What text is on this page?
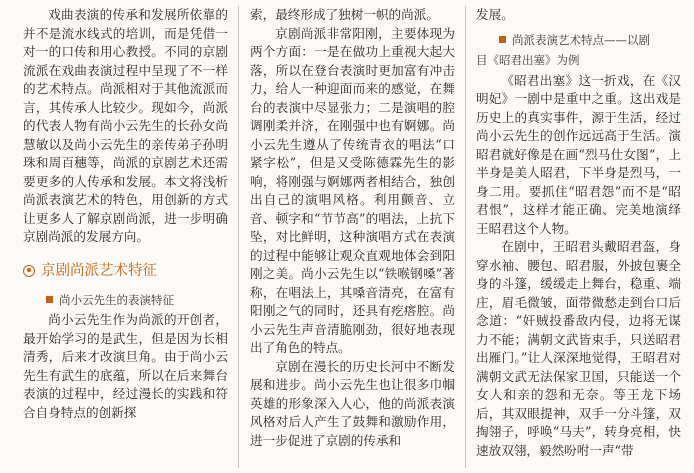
戏曲表演的传承和发展所依靠的并不是流水线式的培训，而是凭借一对一的口传和用心教授。不同的京剧流派在戏曲表演过程中呈现了不一样的艺术特点。尚派相对于其他流派而言，其传承人比较少。现如今，尚派的代表人物有尚小云先生的长孙女尚慧敏以及尚小云先生的亲传弟子孙明珠和周百穗等，尚派的京剧艺术还需要更多的人传承和发展。本文将浅析尚派表演艺术的特色，用创新的方式让更多人了解京剧尚派，进一步明确京剧尚派的发展方向。

京剧尚派艺术特征
尚小云先生的表演特征

尚小云先生作为尚派的开创者，最开始学习的是武生，但是因为长相清秀，后来才改演旦角。由于尚小云先生有武生的底蕴，所以在后来舞台表演的过程中，经过漫长的实践和符合自身特点的创新探

索，最终形成了独树一帜的尚派。

京剧尚派非常阳刚，主要体现为两个方面：一是在做功上重视大起大落，所以在登台表演时更加富有冲击力，给人一种迎面而来的感觉，在舞台的表演中尽显张力；二是演唱的腔调刚柔并济，在刚强中也有婀娜。尚小云先生遵从了传统青衣的唱法“口紧字松”，但是又受陈德霖先生的影响，将刚强与婀娜两者相结合，独创出自己的演唱风格。利用颤音、立音、顿字和“节节高”的唱法，上抗下坠，对比鲜明，这种演唱方式在表演的过程中能够让观众直观地体会到阳刚之美。尚小云先生以“铁喉钢嗓”著称，在唱法上，其嗓音清亮，在富有阳刚之气的同时，还具有疙瘩腔。尚小云先生声音清脆刚劲，很好地表现出了角色的特点。

京剧在漫长的历史长河中不断发展和进步。尚小云先生也让很多巾帼英雄的形象深入人心，他的尚派表演风格对后人产生了鼓舞和激励作用，进一步促进了京剧的传承和

发展。

尚派表演艺术特点——以剧
目《昭君出塞》为例

《昭君出塞》这一折戏，在《汉明妃》一剧中是重中之重。这出戏是历史上的真实事件，源于生活，经过尚小云先生的创作远远高于生活。演昭君就好像是在画“烈马仕女图”，上半身是美人昭君，下半身是烈马，一身二用。要抓住“昭君怨”而不是“昭君恨”，这样才能正确、完美地演绎王昭君这个人物。

在剧中，王昭君头戴昭君盔，身穿水袖、腰包、昭君服，外披包裹全身的斗篷，缓缓走上舞台，稳重、端庄，眉毛微皱，面带微愁走到台口后念道：“奸贼投番敌内侵，边将无谋力不能；满朝文武皆束手，只送昭君出雁门。”让人深深地觉得，王昭君对满朝文武无法保家卫国，只能送一个女人和亲的怨和无奈。等王龙下场后，其双眼提神，双手一分斗篷，双掏翎子，呼唤“马夫”，转身亮相，快速放双翎，毅然吩咐一声“带
